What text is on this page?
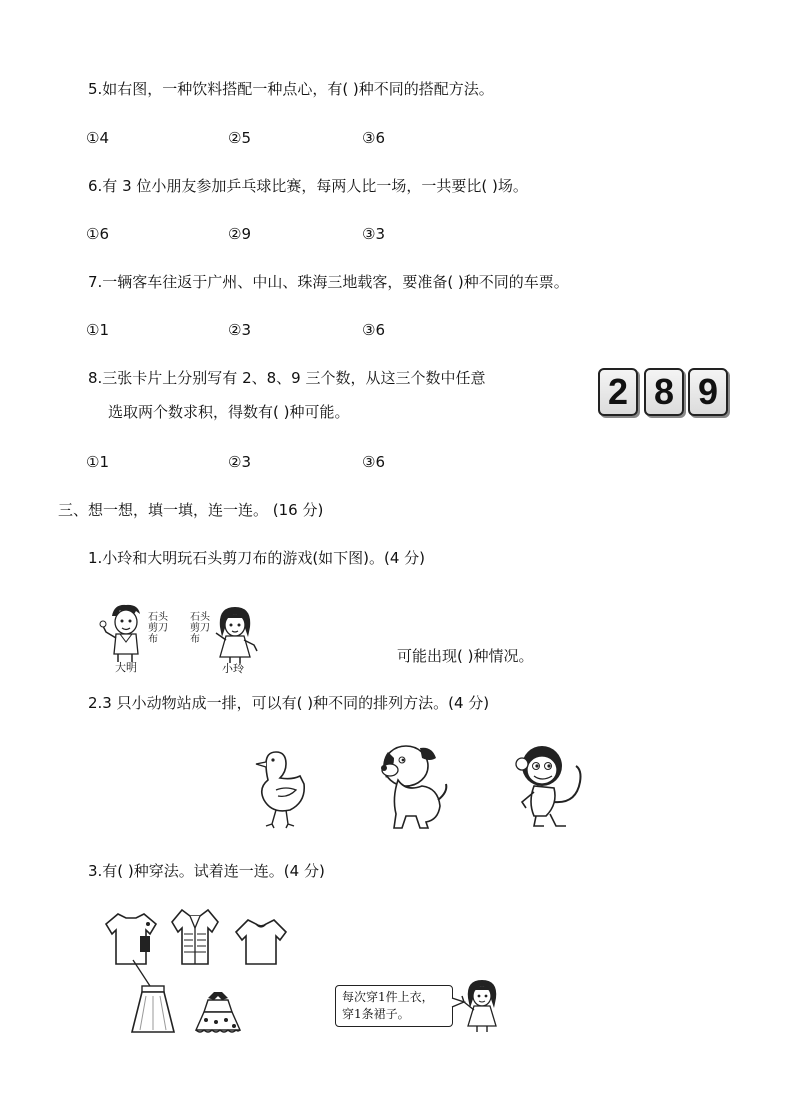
5.如右图，一种饮料搭配一种点心，有( )种不同的搭配方法。
①4	②5	③6
6.有 3 位小朋友参加乒乓球比赛，每两人比一场，一共要比( )场。
①6	②9	③3
7.一辆客车往返于广州、中山、珠海三地载客，要准备( )种不同的车票。
①1	②3	③6
8.三张卡片上分别写有 2、8、9 三个数，从这三个数中任意
选取两个数求积，得数有( )种可能。	2 8 9
①1	②3	③6
三、想一想，填一填，连一连。 (16 分)
1.小玲和大明玩石头剪刀布的游戏(如下图)。(4 分)
石头 剪刀 布
大明
石头 剪刀 布
小玲
可能出现( )种情况。
2.3 只小动物站成一排，可以有( )种不同的排列方法。(4 分)
3.有( )种穿法。试着连一连。(4 分)
每次穿1件上衣，
穿1条裙子。
